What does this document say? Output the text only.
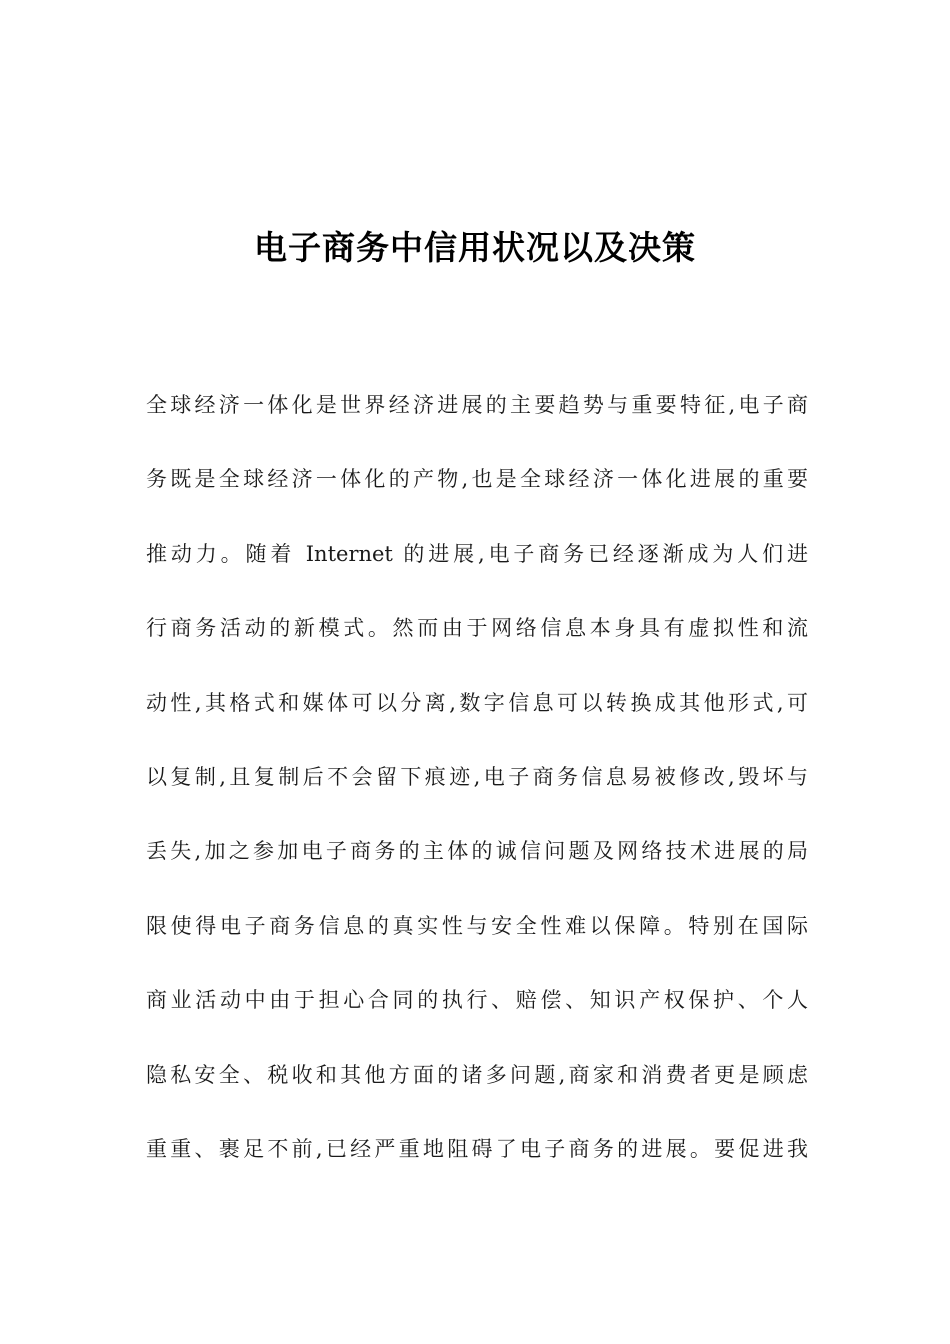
电子商务中信用状况以及决策
全球经济一体化是世界经济进展的主要趋势与重要特征,电子商
务既是全球经济一体化的产物,也是全球经济一体化进展的重要
推动力。随着 Internet 的进展,电子商务已经逐渐成为人们进
行商务活动的新模式。然而由于网络信息本身具有虚拟性和流
动性,其格式和媒体可以分离,数字信息可以转换成其他形式,可
以复制,且复制后不会留下痕迹,电子商务信息易被修改,毁坏与
丢失,加之参加电子商务的主体的诚信问题及网络技术进展的局
限使得电子商务信息的真实性与安全性难以保障。特别在国际
商业活动中由于担心合同的执行、赔偿、知识产权保护、个人
隐私安全、税收和其他方面的诸多问题,商家和消费者更是顾虑
重重、裹足不前,已经严重地阻碍了电子商务的进展。要促进我
